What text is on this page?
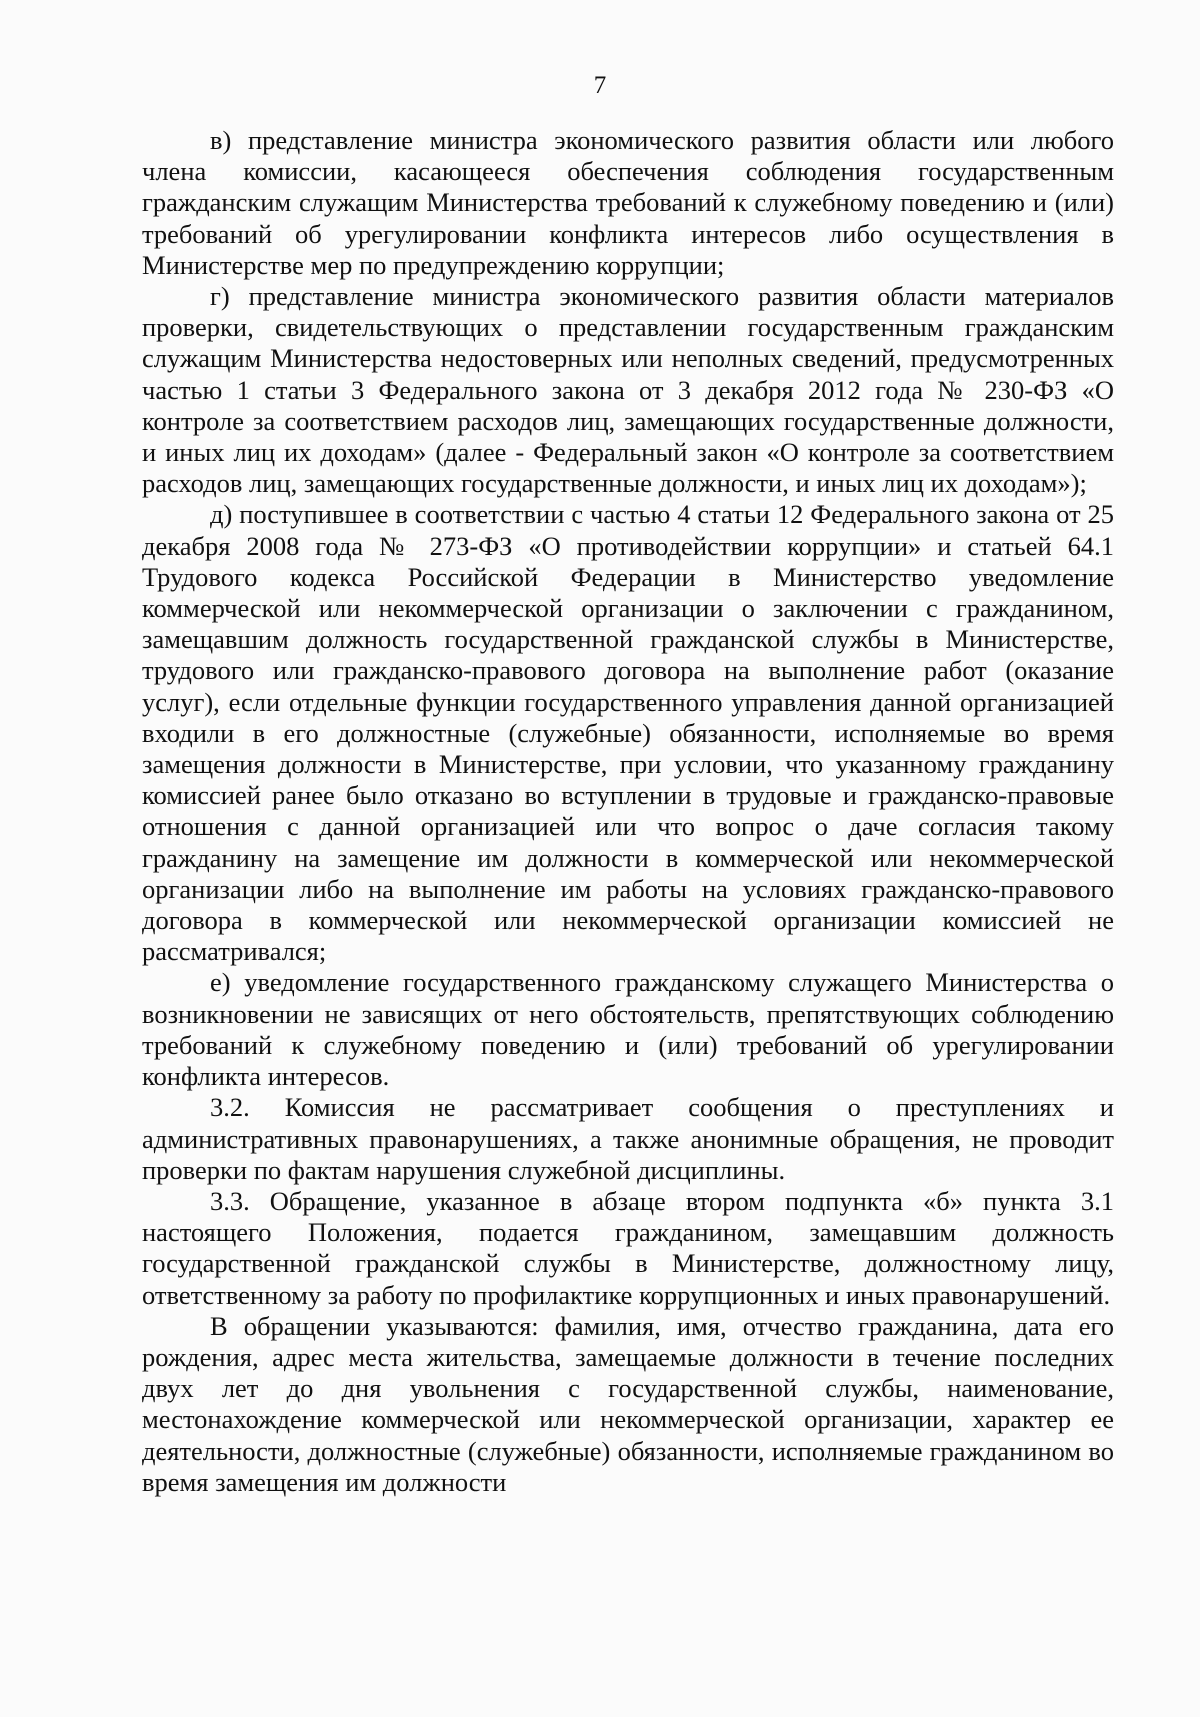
7

в) представление министра экономического развития области или любого члена комиссии, касающееся обеспечения соблюдения государственным гражданским служащим Министерства требований к служебному поведению и (или) требований об урегулировании конфликта интересов либо осуществления в Министерстве мер по предупреждению коррупции;

г) представление министра экономического развития области материалов проверки, свидетельствующих о представлении государственным гражданским служащим Министерства недостоверных или неполных сведений, предусмотренных частью 1 статьи 3 Федерального закона от 3 декабря 2012 года № 230-ФЗ «О контроле за соответствием расходов лиц, замещающих государственные должности, и иных лиц их доходам» (далее - Федеральный закон «О контроле за соответствием расходов лиц, замещающих государственные должности, и иных лиц их доходам»);

д) поступившее в соответствии с частью 4 статьи 12 Федерального закона от 25 декабря 2008 года № 273-ФЗ «О противодействии коррупции» и статьей 64.1 Трудового кодекса Российской Федерации в Министерство уведомление коммерческой или некоммерческой организации о заключении с гражданином, замещавшим должность государственной гражданской службы в Министерстве, трудового или гражданско-правового договора на выполнение работ (оказание услуг), если отдельные функции государственного управления данной организацией входили в его должностные (служебные) обязанности, исполняемые во время замещения должности в Министерстве, при условии, что указанному гражданину комиссией ранее было отказано во вступлении в трудовые и гражданско-правовые отношения с данной организацией или что вопрос о даче согласия такому гражданину на замещение им должности в коммерческой или некоммерческой организации либо на выполнение им работы на условиях гражданско-правового договора в коммерческой или некоммерческой организации комиссией не рассматривался;

е) уведомление государственного гражданскому служащего Министерства о возникновении не зависящих от него обстоятельств, препятствующих соблюдению требований к служебному поведению и (или) требований об урегулировании конфликта интересов.

3.2. Комиссия не рассматривает сообщения о преступлениях и административных правонарушениях, а также анонимные обращения, не проводит проверки по фактам нарушения служебной дисциплины.

3.3. Обращение, указанное в абзаце втором подпункта «б» пункта 3.1 настоящего Положения, подается гражданином, замещавшим должность государственной гражданской службы в Министерстве, должностному лицу, ответственному за работу по профилактике коррупционных и иных правонарушений.

В обращении указываются: фамилия, имя, отчество гражданина, дата его рождения, адрес места жительства, замещаемые должности в течение последних двух лет до дня увольнения с государственной службы, наименование, местонахождение коммерческой или некоммерческой организации, характер ее деятельности, должностные (служебные) обязанности, исполняемые гражданином во время замещения им должности
